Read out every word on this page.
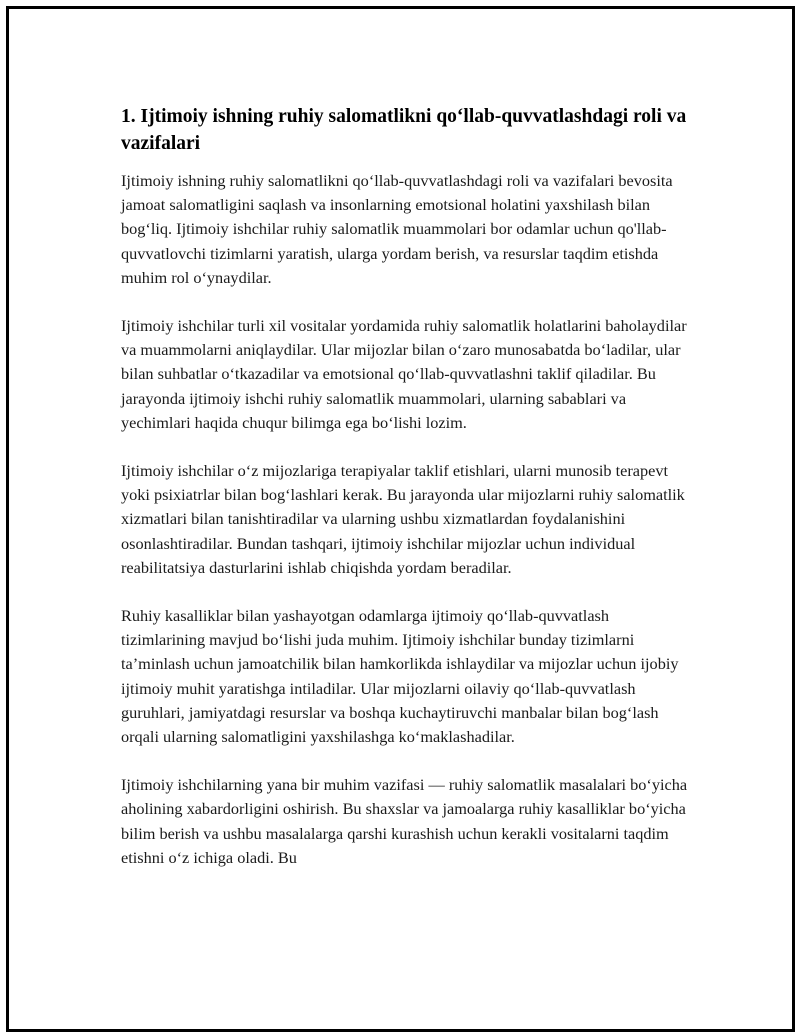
1. Ijtimoiy ishning ruhiy salomatlikni qo‘llab-quvvatlashdagi roli va vazifalari

Ijtimoiy ishning ruhiy salomatlikni qo‘llab-quvvatlashdagi roli va vazifalari bevosita jamoat salomatligini saqlash va insonlarning emotsional holatini yaxshilash bilan bog‘liq. Ijtimoiy ishchilar ruhiy salomatlik muammolari bor odamlar uchun qo'llab-quvvatlovchi tizimlarni yaratish, ularga yordam berish, va resurslar taqdim etishda muhim rol o‘ynaydilar.

Ijtimoiy ishchilar turli xil vositalar yordamida ruhiy salomatlik holatlarini baholaydilar va muammolarni aniqlaydilar. Ular mijozlar bilan o‘zaro munosabatda bo‘ladilar, ular bilan suhbatlar o‘tkazadilar va emotsional qo‘llab-quvvatlashni taklif qiladilar. Bu jarayonda ijtimoiy ishchi ruhiy salomatlik muammolari, ularning sabablari va yechimlari haqida chuqur bilimga ega bo‘lishi lozim.

Ijtimoiy ishchilar o‘z mijozlariga terapiyalar taklif etishlari, ularni munosib terapevt yoki psixiatrlar bilan bog‘lashlari kerak. Bu jarayonda ular mijozlarni ruhiy salomatlik xizmatlari bilan tanishtiradilar va ularning ushbu xizmatlardan foydalanishini osonlashtiradilar. Bundan tashqari, ijtimoiy ishchilar mijozlar uchun individual reabilitatsiya dasturlarini ishlab chiqishda yordam beradilar.

Ruhiy kasalliklar bilan yashayotgan odamlarga ijtimoiy qo‘llab-quvvatlash tizimlarining mavjud bo‘lishi juda muhim. Ijtimoiy ishchilar bunday tizimlarni ta’minlash uchun jamoatchilik bilan hamkorlikda ishlaydilar va mijozlar uchun ijobiy ijtimoiy muhit yaratishga intiladilar. Ular mijozlarni oilaviy qo‘llab-quvvatlash guruhlari, jamiyatdagi resurslar va boshqa kuchaytiruvchi manbalar bilan bog‘lash orqali ularning salomatligini yaxshilashga ko‘maklashadilar.

Ijtimoiy ishchilarning yana bir muhim vazifasi — ruhiy salomatlik masalalari bo‘yicha aholining xabardorligini oshirish. Bu shaxslar va jamoalarga ruhiy kasalliklar bo‘yicha bilim berish va ushbu masalalarga qarshi kurashish uchun kerakli vositalarni taqdim etishni o‘z ichiga oladi. Bu
